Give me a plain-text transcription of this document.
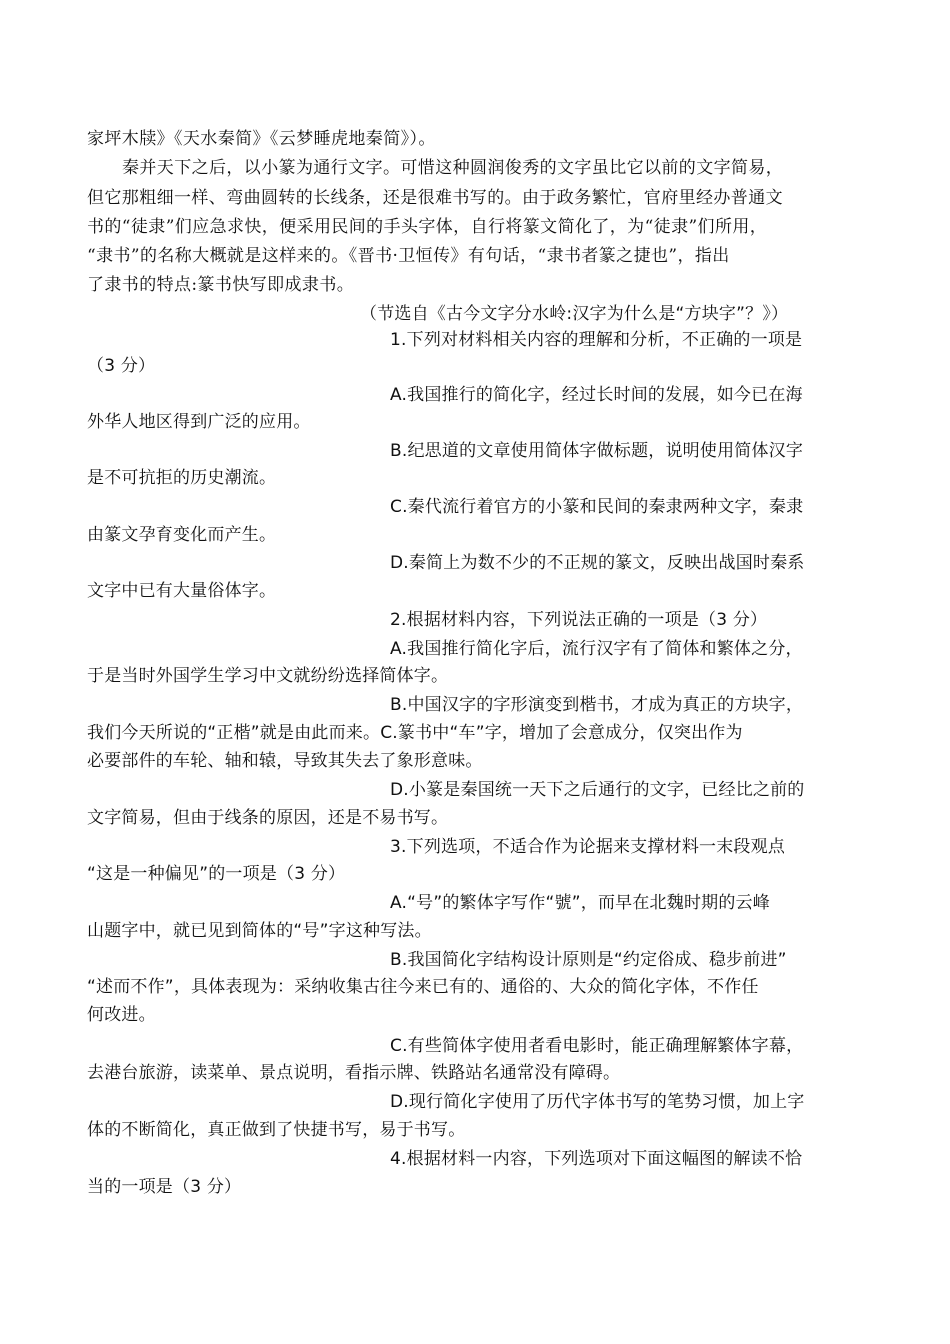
家坪木牍》《天水秦简》《云梦睡虎地秦简》）。
秦并天下之后，以小篆为通行文字。可惜这种圆润俊秀的文字虽比它以前的文字简易，
但它那粗细一样、弯曲圆转的长线条，还是很难书写的。由于政务繁忙，官府里经办普通文
书的“徒隶”们应急求快，便采用民间的手头字体，自行将篆文简化了，为“徒隶”们所用，
“隶书”的名称大概就是这样来的。《晋书·卫恒传》有句话，“隶书者篆之捷也”，指出
了隶书的特点:篆书快写即成隶书。
（节选自《古今文字分水岭:汉字为什么是“方块字”？》）
1.下列对材料相关内容的理解和分析，不正确的一项是
（3 分）
A.我国推行的简化字，经过长时间的发展，如今已在海
外华人地区得到广泛的应用。
B.纪思道的文章使用简体字做标题，说明使用简体汉字
是不可抗拒的历史潮流。
C.秦代流行着官方的小篆和民间的秦隶两种文字，秦隶
由篆文孕育变化而产生。
D.秦简上为数不少的不正规的篆文，反映出战国时秦系
文字中已有大量俗体字。
2.根据材料内容，下列说法正确的一项是（3 分）
A.我国推行简化字后，流行汉字有了简体和繁体之分，
于是当时外国学生学习中文就纷纷选择简体字。
B.中国汉字的字形演变到楷书，才成为真正的方块字，
我们今天所说的“正楷”就是由此而来。C.篆书中“车”字，增加了会意成分，仅突出作为
必要部件的车轮、轴和辕，导致其失去了象形意味。
D.小篆是秦国统一天下之后通行的文字，已经比之前的
文字简易，但由于线条的原因，还是不易书写。
3.下列选项，不适合作为论据来支撑材料一末段观点
“这是一种偏见”的一项是（3 分）
A.“号”的繁体字写作“號”，而早在北魏时期的云峰
山题字中，就已见到简体的“号”字这种写法。
B.我国简化字结构设计原则是“约定俗成、稳步前进”
“述而不作”，具体表现为：采纳收集古往今来已有的、通俗的、大众的简化字体，不作任
何改进。
C.有些简体字使用者看电影时，能正确理解繁体字幕，
去港台旅游，读菜单、景点说明，看指示牌、铁路站名通常没有障碍。
D.现行简化字使用了历代字体书写的笔势习惯，加上字
体的不断简化，真正做到了快捷书写，易于书写。
4.根据材料一内容，下列选项对下面这幅图的解读不恰
当的一项是（3 分）
